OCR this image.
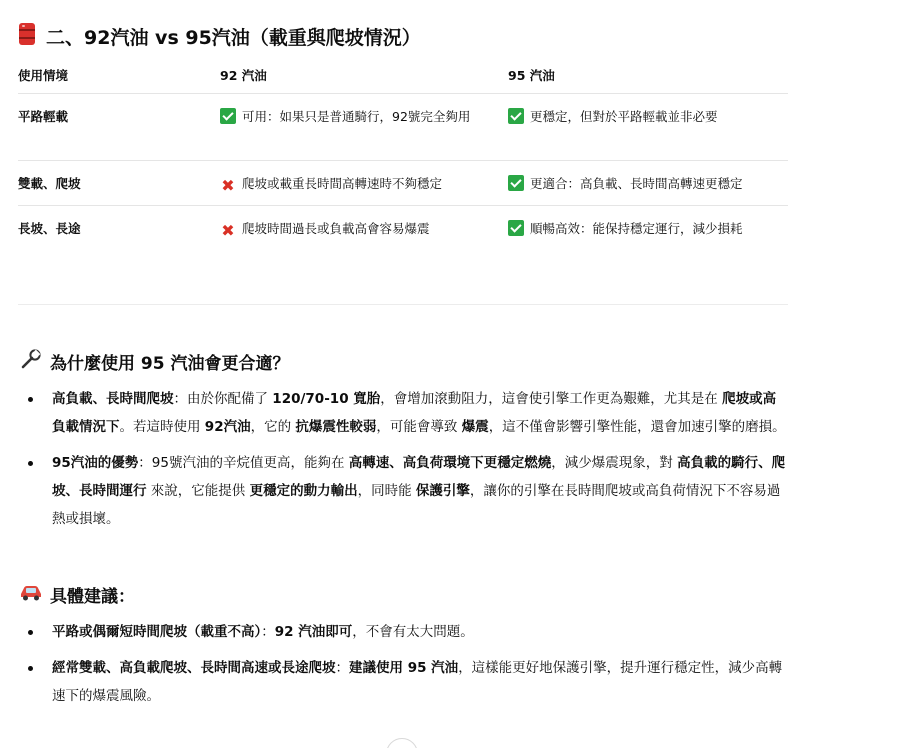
二、92汽油 vs 95汽油（載重與爬坡情況）
使用情境	92 汽油	95 汽油
平路輕載	可用：如果只是普通騎行，92號完全夠用	更穩定，但對於平路輕載並非必要
雙載、爬坡	✖ 爬坡或載重長時間高轉速時不夠穩定	更適合：高負載、長時間高轉速更穩定
長坡、長途	✖ 爬坡時間過長或負載高會容易爆震	順暢高效：能保持穩定運行，減少損耗
為什麼使用 95 汽油會更合適？
高負載、長時間爬坡：由於你配備了 120/70-10 寬胎，會增加滾動阻力，這會使引擎工作更為艱難，尤其是在 爬坡或高負載情況下。若這時使用 92汽油，它的 抗爆震性較弱，可能會導致 爆震，這不僅會影響引擎性能，還會加速引擎的磨損。
95汽油的優勢：95號汽油的辛烷值更高，能夠在 高轉速、高負荷環境下更穩定燃燒，減少爆震現象，對 高負載的騎行、爬坡、長時間運行 來說，它能提供 更穩定的動力輸出，同時能 保護引擎，讓你的引擎在長時間爬坡或高負荷情況下不容易過熱或損壞。
具體建議：
平路或偶爾短時間爬坡（載重不高）：92 汽油即可，不會有太大問題。
經常雙載、高負載爬坡、長時間高速或長途爬坡：建議使用 95 汽油，這樣能更好地保護引擎，提升運行穩定性，減少高轉速下的爆震風險。
